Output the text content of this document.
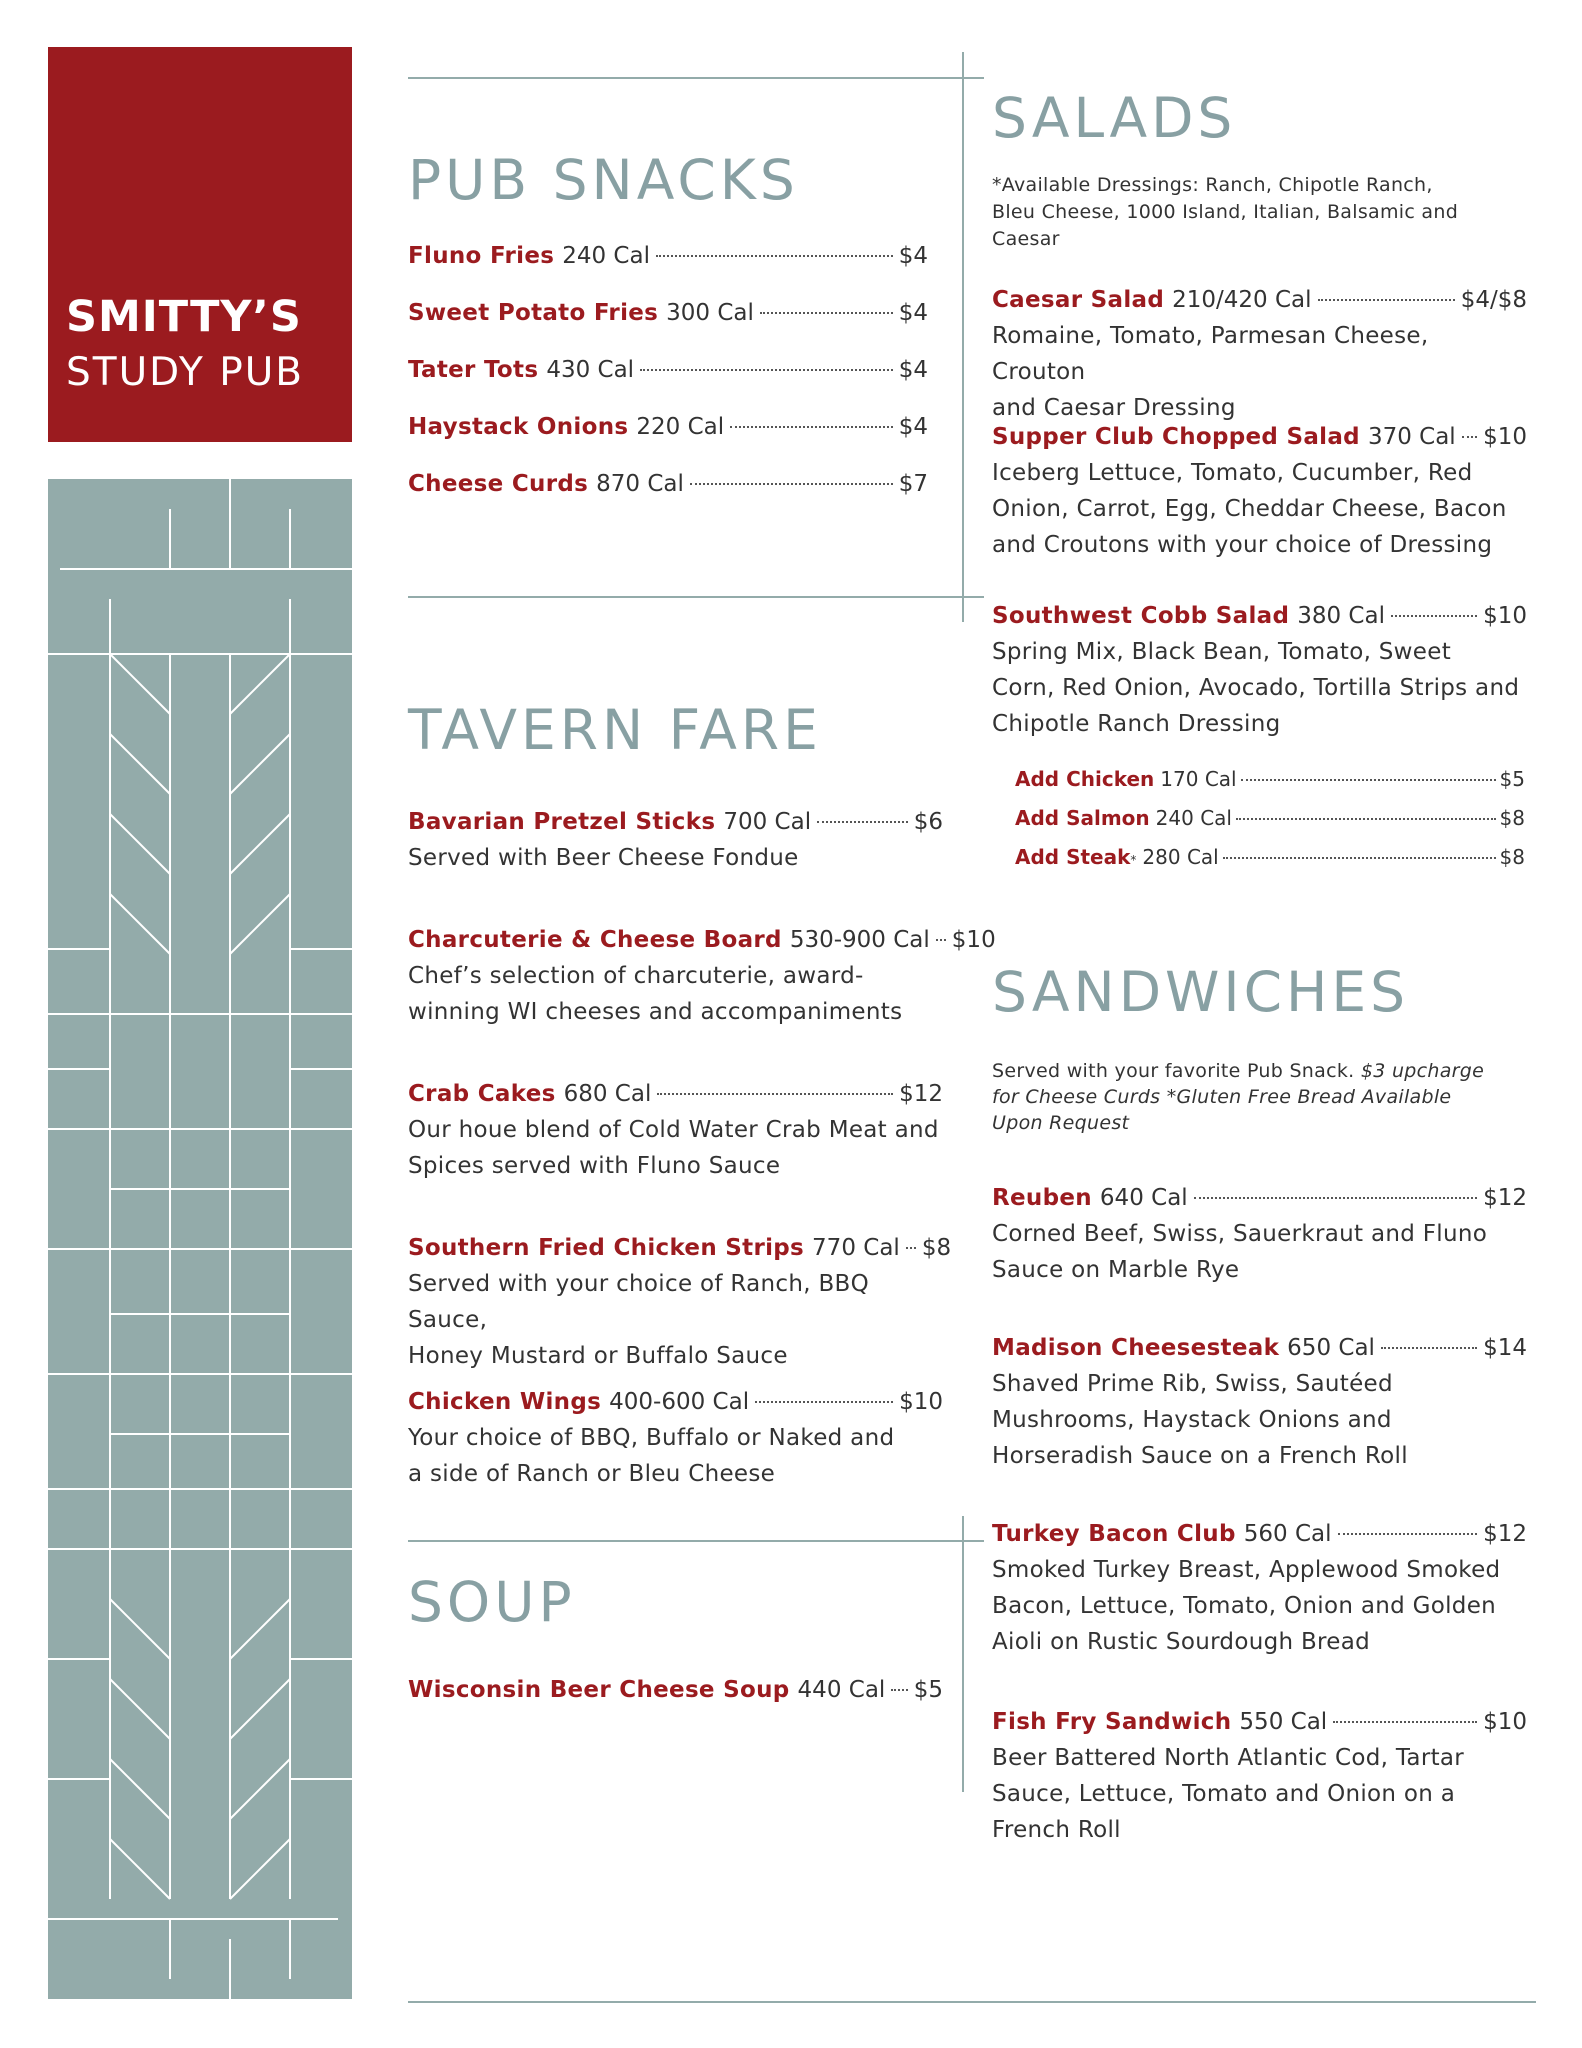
SMITTY’S
STUDY PUB
PUB SNACKS
Fluno Fries 240 Cal	$4
Sweet Potato Fries 300 Cal	$4
Tater Tots 430 Cal	$4
Haystack Onions 220 Cal	$4
Cheese Curds 870 Cal	$7
TAVERN FARE
Bavarian Pretzel Sticks 700 Cal	$6
Served with Beer Cheese Fondue
Charcuterie & Cheese Board 530-900 Cal $10
Chef’s selection of charcuterie, award-
winning WI cheeses and accompaniments
Crab Cakes 680 Cal	$12
Our houe blend of Cold Water Crab Meat and
Spices served with Fluno Sauce
Southern Fried Chicken Strips 770 Cal $8
Served with your choice of Ranch, BBQ Sauce,
Honey Mustard or Buffalo Sauce
Chicken Wings 400-600 Cal	$10
Your choice of BBQ, Buffalo or Naked and
a side of Ranch or Bleu Cheese
SOUP
Wisconsin Beer Cheese Soup 440 Cal $5
SALADS
*Available Dressings: Ranch, Chipotle Ranch,
Bleu Cheese, 1000 Island, Italian, Balsamic and
Caesar
Caesar Salad 210/420 Cal	$4/$8
Romaine, Tomato, Parmesan Cheese, Crouton
and Caesar Dressing
Supper Club Chopped Salad 370 Cal $10
Iceberg Lettuce, Tomato, Cucumber, Red
Onion, Carrot, Egg, Cheddar Cheese, Bacon
and Croutons with your choice of Dressing
Southwest Cobb Salad 380 Cal	$10
Spring Mix, Black Bean, Tomato, Sweet
Corn, Red Onion, Avocado, Tortilla Strips and
Chipotle Ranch Dressing
Add Chicken 170 Cal	$5
Add Salmon 240 Cal	$8
Add Steak * 280 Cal	$8
SANDWICHES
Served with your favorite Pub Snack. $3 upcharge
for Cheese Curds *Gluten Free Bread Available
Upon Request
Reuben 640 Cal	$12
Corned Beef, Swiss, Sauerkraut and Fluno
Sauce on Marble Rye
Madison Cheesesteak 650 Cal	$14
Shaved Prime Rib, Swiss, Sautéed
Mushrooms, Haystack Onions and
Horseradish Sauce on a French Roll
Turkey Bacon Club 560 Cal	$12
Smoked Turkey Breast, Applewood Smoked
Bacon, Lettuce, Tomato, Onion and Golden
Aioli on Rustic Sourdough Bread
Fish Fry Sandwich 550 Cal	$10
Beer Battered North Atlantic Cod, Tartar
Sauce, Lettuce, Tomato and Onion on a
French Roll
